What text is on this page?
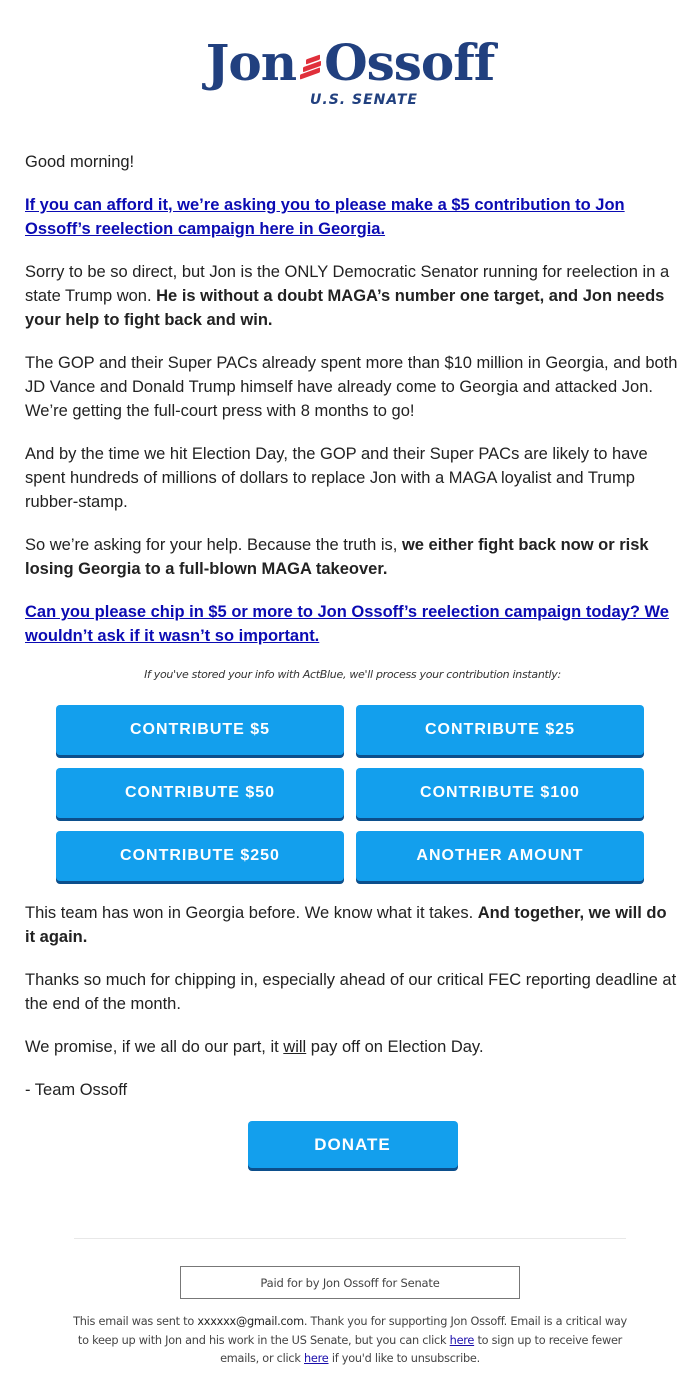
Jon Ossoff
U.S. SENATE

Good morning!

If you can afford it, we’re asking you to please make a $5 contribution to Jon Ossoff’s reelection campaign here in Georgia.

Sorry to be so direct, but Jon is the ONLY Democratic Senator running for reelection in a state Trump won. He is without a doubt MAGA’s number one target, and Jon needs your help to fight back and win.

The GOP and their Super PACs already spent more than $10 million in Georgia, and both JD Vance and Donald Trump himself have already come to Georgia and attacked Jon. We’re getting the full-court press with 8 months to go!

And by the time we hit Election Day, the GOP and their Super PACs are likely to have spent hundreds of millions of dollars to replace Jon with a MAGA loyalist and Trump rubber-stamp.

So we’re asking for your help. Because the truth is, we either fight back now or risk losing Georgia to a full-blown MAGA takeover.

Can you please chip in $5 or more to Jon Ossoff’s reelection campaign today? We wouldn’t ask if it wasn’t so important.

If you've stored your info with ActBlue, we'll process your contribution instantly:
CONTRIBUTE $5	CONTRIBUTE $25
CONTRIBUTE $50	CONTRIBUTE $100
CONTRIBUTE $250	ANOTHER AMOUNT

This team has won in Georgia before. We know what it takes. And together, we will do it again.

Thanks so much for chipping in, especially ahead of our critical FEC reporting deadline at the end of the month.

We promise, if we all do our part, it will pay off on Election Day.

- Team Ossoff

DONATE
Paid for by Jon Ossoff for Senate
This email was sent to xxxxxx@gmail.com. Thank you for supporting Jon Ossoff. Email is a critical way to keep up with Jon and his work in the US Senate, but you can click here to sign up to receive fewer emails, or click here if you'd like to unsubscribe.
